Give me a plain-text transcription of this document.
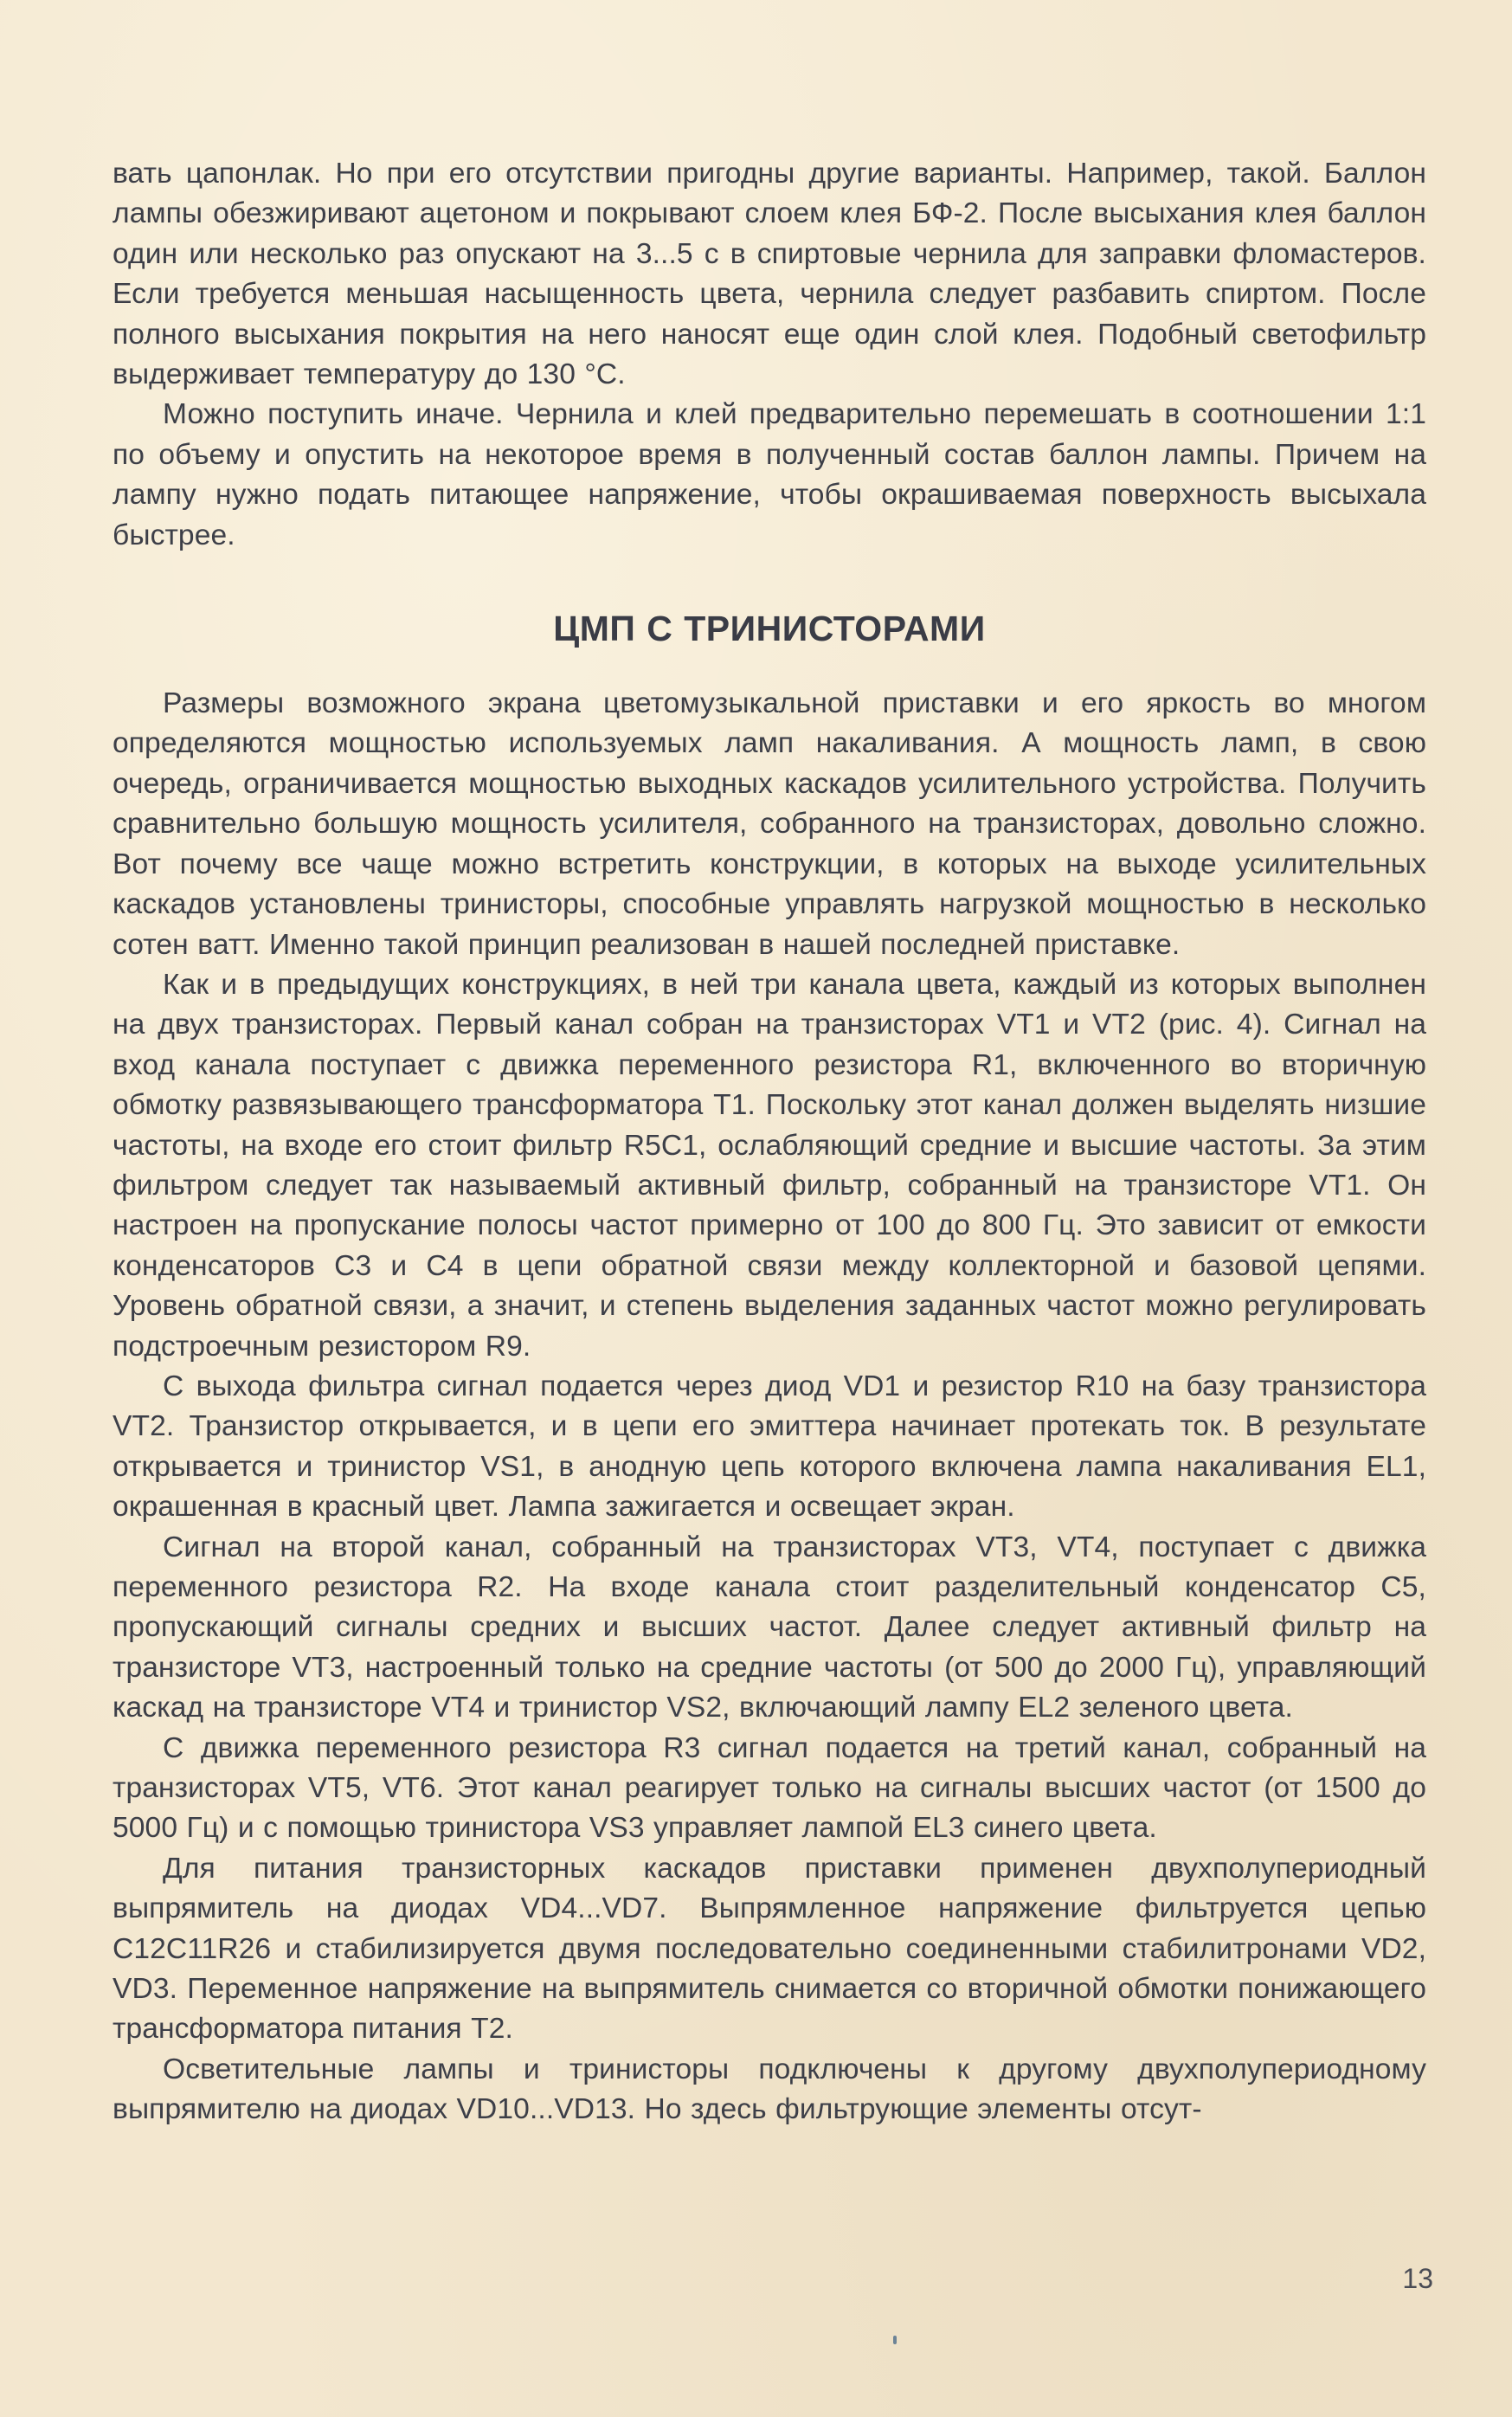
вать цапонлак. Но при его отсутствии пригодны другие варианты. Например, такой. Баллон лампы обезжиривают ацетоном и покрывают слоем клея БФ-2. После высыхания клея баллон один или несколько раз опускают на 3...5 с в спиртовые чернила для заправки фломастеров. Если требуется меньшая насыщенность цвета, чернила следует разбавить спиртом. После полного высыхания покрытия на него наносят еще один слой клея. Подобный светофильтр выдерживает температуру до 130 °С.

Можно поступить иначе. Чернила и клей предварительно перемешать в соотношении 1:1 по объему и опустить на некоторое время в полученный состав баллон лампы. Причем на лампу нужно подать питающее напряжение, чтобы окрашиваемая поверхность высыхала быстрее.

ЦМП С ТРИНИСТОРАМИ

Размеры возможного экрана цветомузыкальной приставки и его яркость во многом определяются мощностью используемых ламп накаливания. А мощность ламп, в свою очередь, ограничивается мощностью выходных каскадов усилительного устройства. Получить сравнительно большую мощность усилителя, собранного на транзисторах, довольно сложно. Вот почему все чаще можно встретить конструкции, в которых на выходе усилительных каскадов установлены тринисторы, способные управлять нагрузкой мощностью в несколько сотен ватт. Именно такой принцип реализован в нашей последней приставке.

Как и в предыдущих конструкциях, в ней три канала цвета, каждый из которых выполнен на двух транзисторах. Первый канал собран на транзисторах VT1 и VT2 (рис. 4). Сигнал на вход канала поступает с движка переменного резистора R1, включенного во вторичную обмотку развязывающего трансформатора T1. Поскольку этот канал должен выделять низшие частоты, на входе его стоит фильтр R5C1, ослабляющий средние и высшие частоты. За этим фильтром следует так называемый активный фильтр, собранный на транзисторе VT1. Он настроен на пропускание полосы частот примерно от 100 до 800 Гц. Это зависит от емкости конденсаторов C3 и C4 в цепи обратной связи между коллекторной и базовой цепями. Уровень обратной связи, а значит, и степень выделения заданных частот можно регулировать подстроечным резистором R9.

С выхода фильтра сигнал подается через диод VD1 и резистор R10 на базу транзистора VT2. Транзистор открывается, и в цепи его эмиттера начинает протекать ток. В результате открывается и тринистор VS1, в анодную цепь которого включена лампа накаливания EL1, окрашенная в красный цвет. Лампа зажигается и освещает экран.

Сигнал на второй канал, собранный на транзисторах VT3, VT4, поступает с движка переменного резистора R2. На входе канала стоит разделительный конденсатор C5, пропускающий сигналы средних и высших частот. Далее следует активный фильтр на транзисторе VT3, настроенный только на средние частоты (от 500 до 2000 Гц), управляющий каскад на транзисторе VT4 и тринистор VS2, включающий лампу EL2 зеленого цвета.

С движка переменного резистора R3 сигнал подается на третий канал, собранный на транзисторах VT5, VT6. Этот канал реагирует только на сигналы высших частот (от 1500 до 5000 Гц) и с помощью тринистора VS3 управляет лампой EL3 синего цвета.

Для питания транзисторных каскадов приставки применен двухполупериодный выпрямитель на диодах VD4...VD7. Выпрямленное напряжение фильтруется цепью C12C11R26 и стабилизируется двумя последовательно соединенными стабилитронами VD2, VD3. Переменное напряжение на выпрямитель снимается со вторичной обмотки понижающего трансформатора питания T2.

Осветительные лампы и тринисторы подключены к другому двухполупериодному выпрямителю на диодах VD10...VD13. Но здесь фильтрующие элементы отсут-

13
